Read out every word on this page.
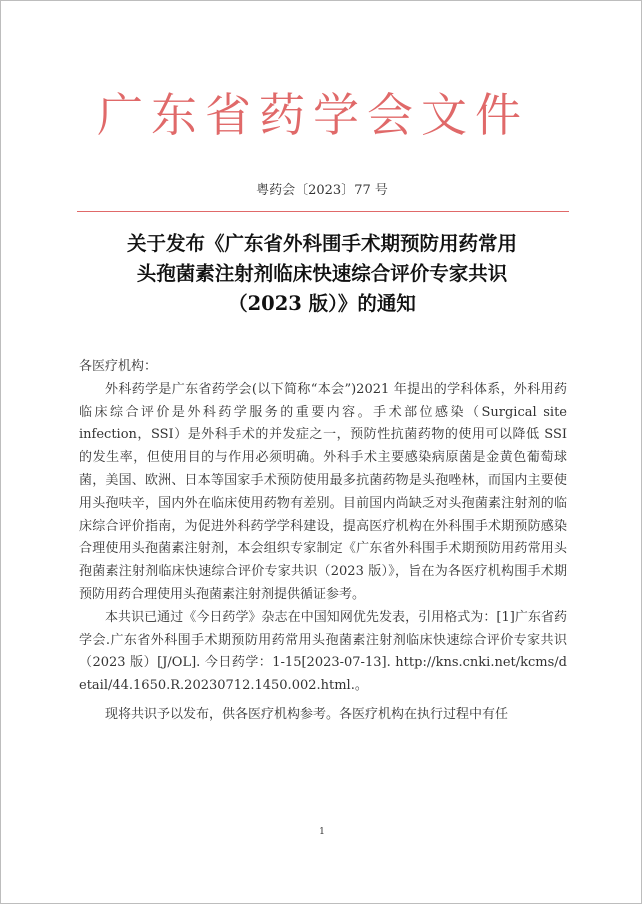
广东省药学会文件
粤药会〔2023〕77 号
关于发布《广东省外科围手术期预防用药常用
头孢菌素注射剂临床快速综合评价专家共识
（2023 版）》的通知

各医疗机构：

外科药学是广东省药学会(以下简称“本会”)2021 年提出的学科体系，外科用药临床综合评价是外科药学服务的重要内容。手术部位感染（Surgical site infection，SSI）是外科手术的并发症之一，预防性抗菌药物的使用可以降低 SSI 的发生率，但使用目的与作用必须明确。外科手术主要感染病原菌是金黄色葡萄球菌，美国、欧洲、日本等国家手术预防使用最多抗菌药物是头孢唑林，而国内主要使用头孢呋辛，国内外在临床使用药物有差别。目前国内尚缺乏对头孢菌素注射剂的临床综合评价指南，为促进外科药学学科建设，提高医疗机构在外科围手术期预防感染合理使用头孢菌素注射剂，本会组织专家制定《广东省外科围手术期预防用药常用头孢菌素注射剂临床快速综合评价专家共识（2023 版）》，旨在为各医疗机构围手术期预防用药合理使用头孢菌素注射剂提供循证参考。

本共识已通过《今日药学》杂志在中国知网优先发表，引用格式为：[1]广东省药学会.广东省外科围手术期预防用药常用头孢菌素注射剂临床快速综合评价专家共识（2023 版）[J/OL]. 今日药学：1-15[2023-07-13]. http://kns.cnki.net/kcms/detail/44.1650.R.20230712.1450.002.html.。

现将共识予以发布，供各医疗机构参考。各医疗机构在执行过程中有任

1
